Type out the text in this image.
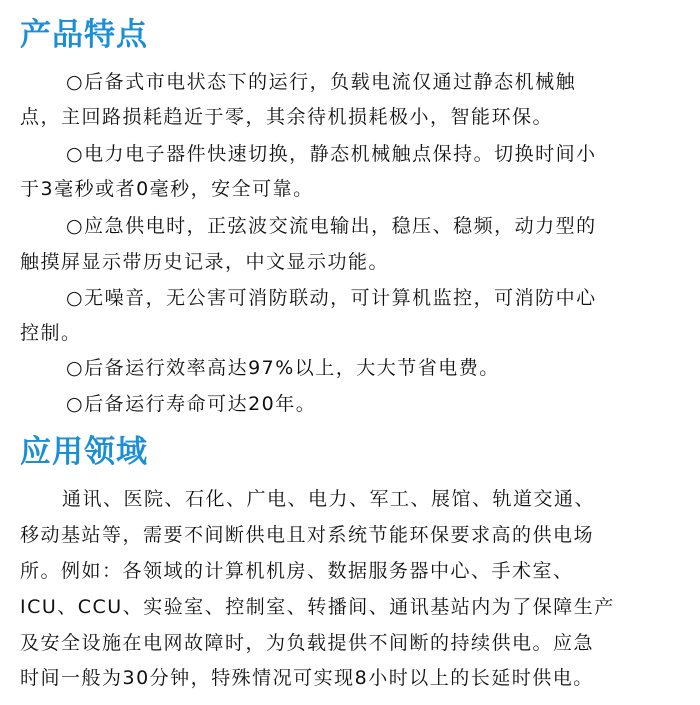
产品特点

○后备式市电状态下的运行，负载电流仅通过静态机械触

点，主回路损耗趋近于零，其余待机损耗极小，智能环保。

○电力电子器件快速切换，静态机械触点保持。切换时间小

于3毫秒或者0毫秒，安全可靠。

○应急供电时，正弦波交流电输出，稳压、稳频，动力型的

触摸屏显示带历史记录，中文显示功能。

○无噪音，无公害可消防联动，可计算机监控，可消防中心

控制。

○后备运行效率高达97%以上，大大节省电费。

○后备运行寿命可达20年。

应用领域

通讯、医院、石化、广电、电力、军工、展馆、轨道交通、

移动基站等，需要不间断供电且对系统节能环保要求高的供电场

所。例如：各领域的计算机机房、数据服务器中心、手术室、

ICU、CCU、实验室、控制室、转播间、通讯基站内为了保障生产

及安全设施在电网故障时，为负载提供不间断的持续供电。应急

时间一般为30分钟，特殊情况可实现8小时以上的长延时供电。
